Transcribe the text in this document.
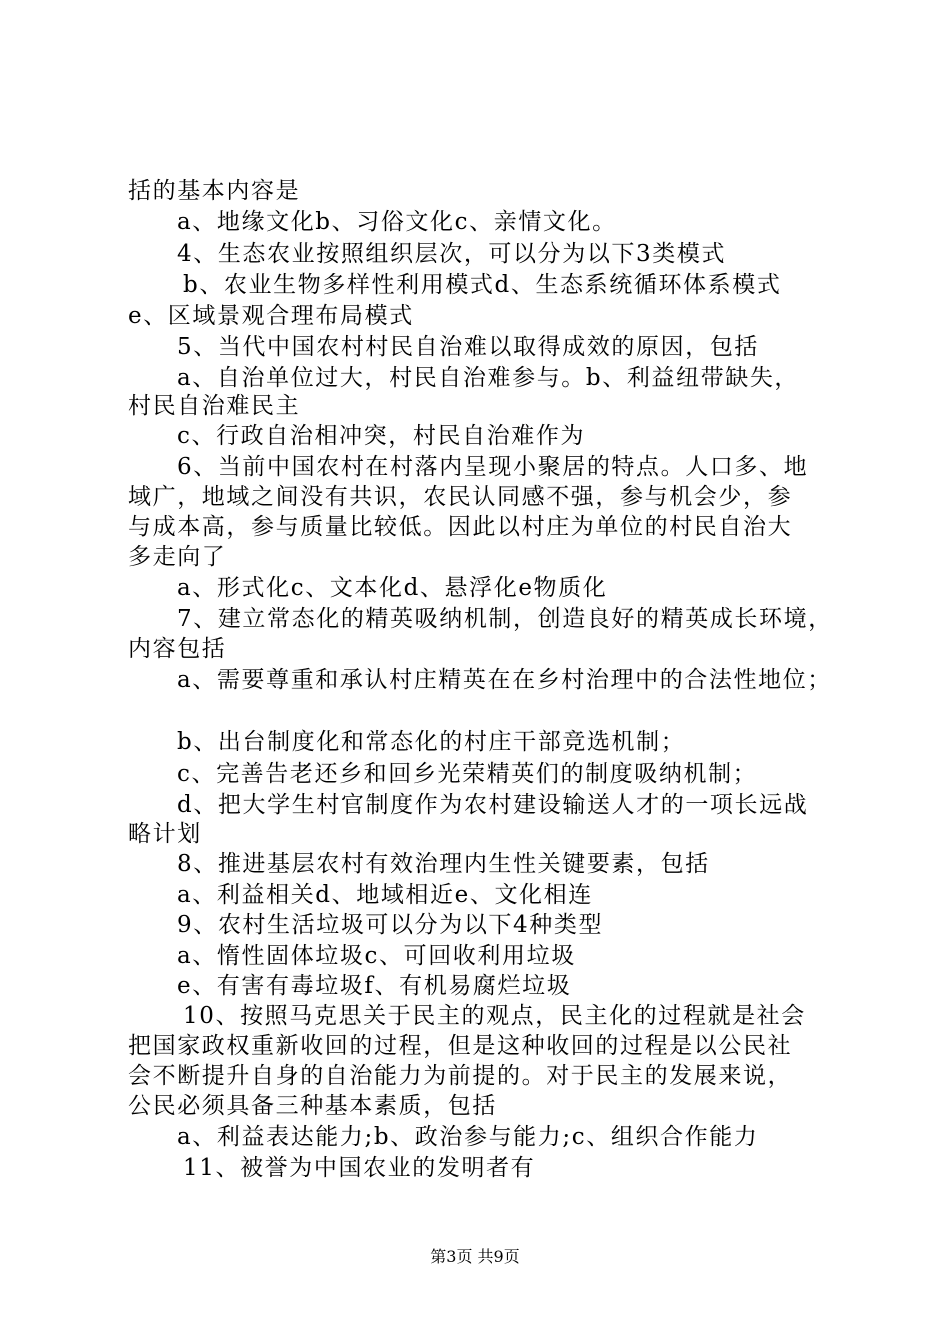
括的基本内容是
a、地缘文化b、习俗文化c、亲情文化。
4、生态农业按照组织层次，可以分为以下3类模式
b、农业生物多样性利用模式d、生态系统循环体系模式
e、区域景观合理布局模式
5、当代中国农村村民自治难以取得成效的原因，包括
a、自治单位过大，村民自治难参与。b、利益纽带缺失，
村民自治难民主
c、行政自治相冲突，村民自治难作为
6、当前中国农村在村落内呈现小聚居的特点。人口多、地
域广，地域之间没有共识，农民认同感不强，参与机会少，参
与成本高，参与质量比较低。因此以村庄为单位的村民自治大
多走向了
a、形式化c、文本化d、悬浮化e物质化
7、建立常态化的精英吸纳机制，创造良好的精英成长环境，
内容包括
a、需要尊重和承认村庄精英在在乡村治理中的合法性地位；
b、出台制度化和常态化的村庄干部竞选机制；
c、完善告老还乡和回乡光荣精英们的制度吸纳机制；
d、把大学生村官制度作为农村建设输送人才的一项长远战
略计划
8、推进基层农村有效治理内生性关键要素，包括
a、利益相关d、地域相近e、文化相连
9、农村生活垃圾可以分为以下4种类型
a、惰性固体垃圾c、可回收利用垃圾
e、有害有毒垃圾f、有机易腐烂垃圾
10、按照马克思关于民主的观点，民主化的过程就是社会
把国家政权重新收回的过程，但是这种收回的过程是以公民社
会不断提升自身的自治能力为前提的。对于民主的发展来说，
公民必须具备三种基本素质，包括
a、利益表达能力;b、政治参与能力;c、组织合作能力
11、被誉为中国农业的发明者有
第3页 共9页
